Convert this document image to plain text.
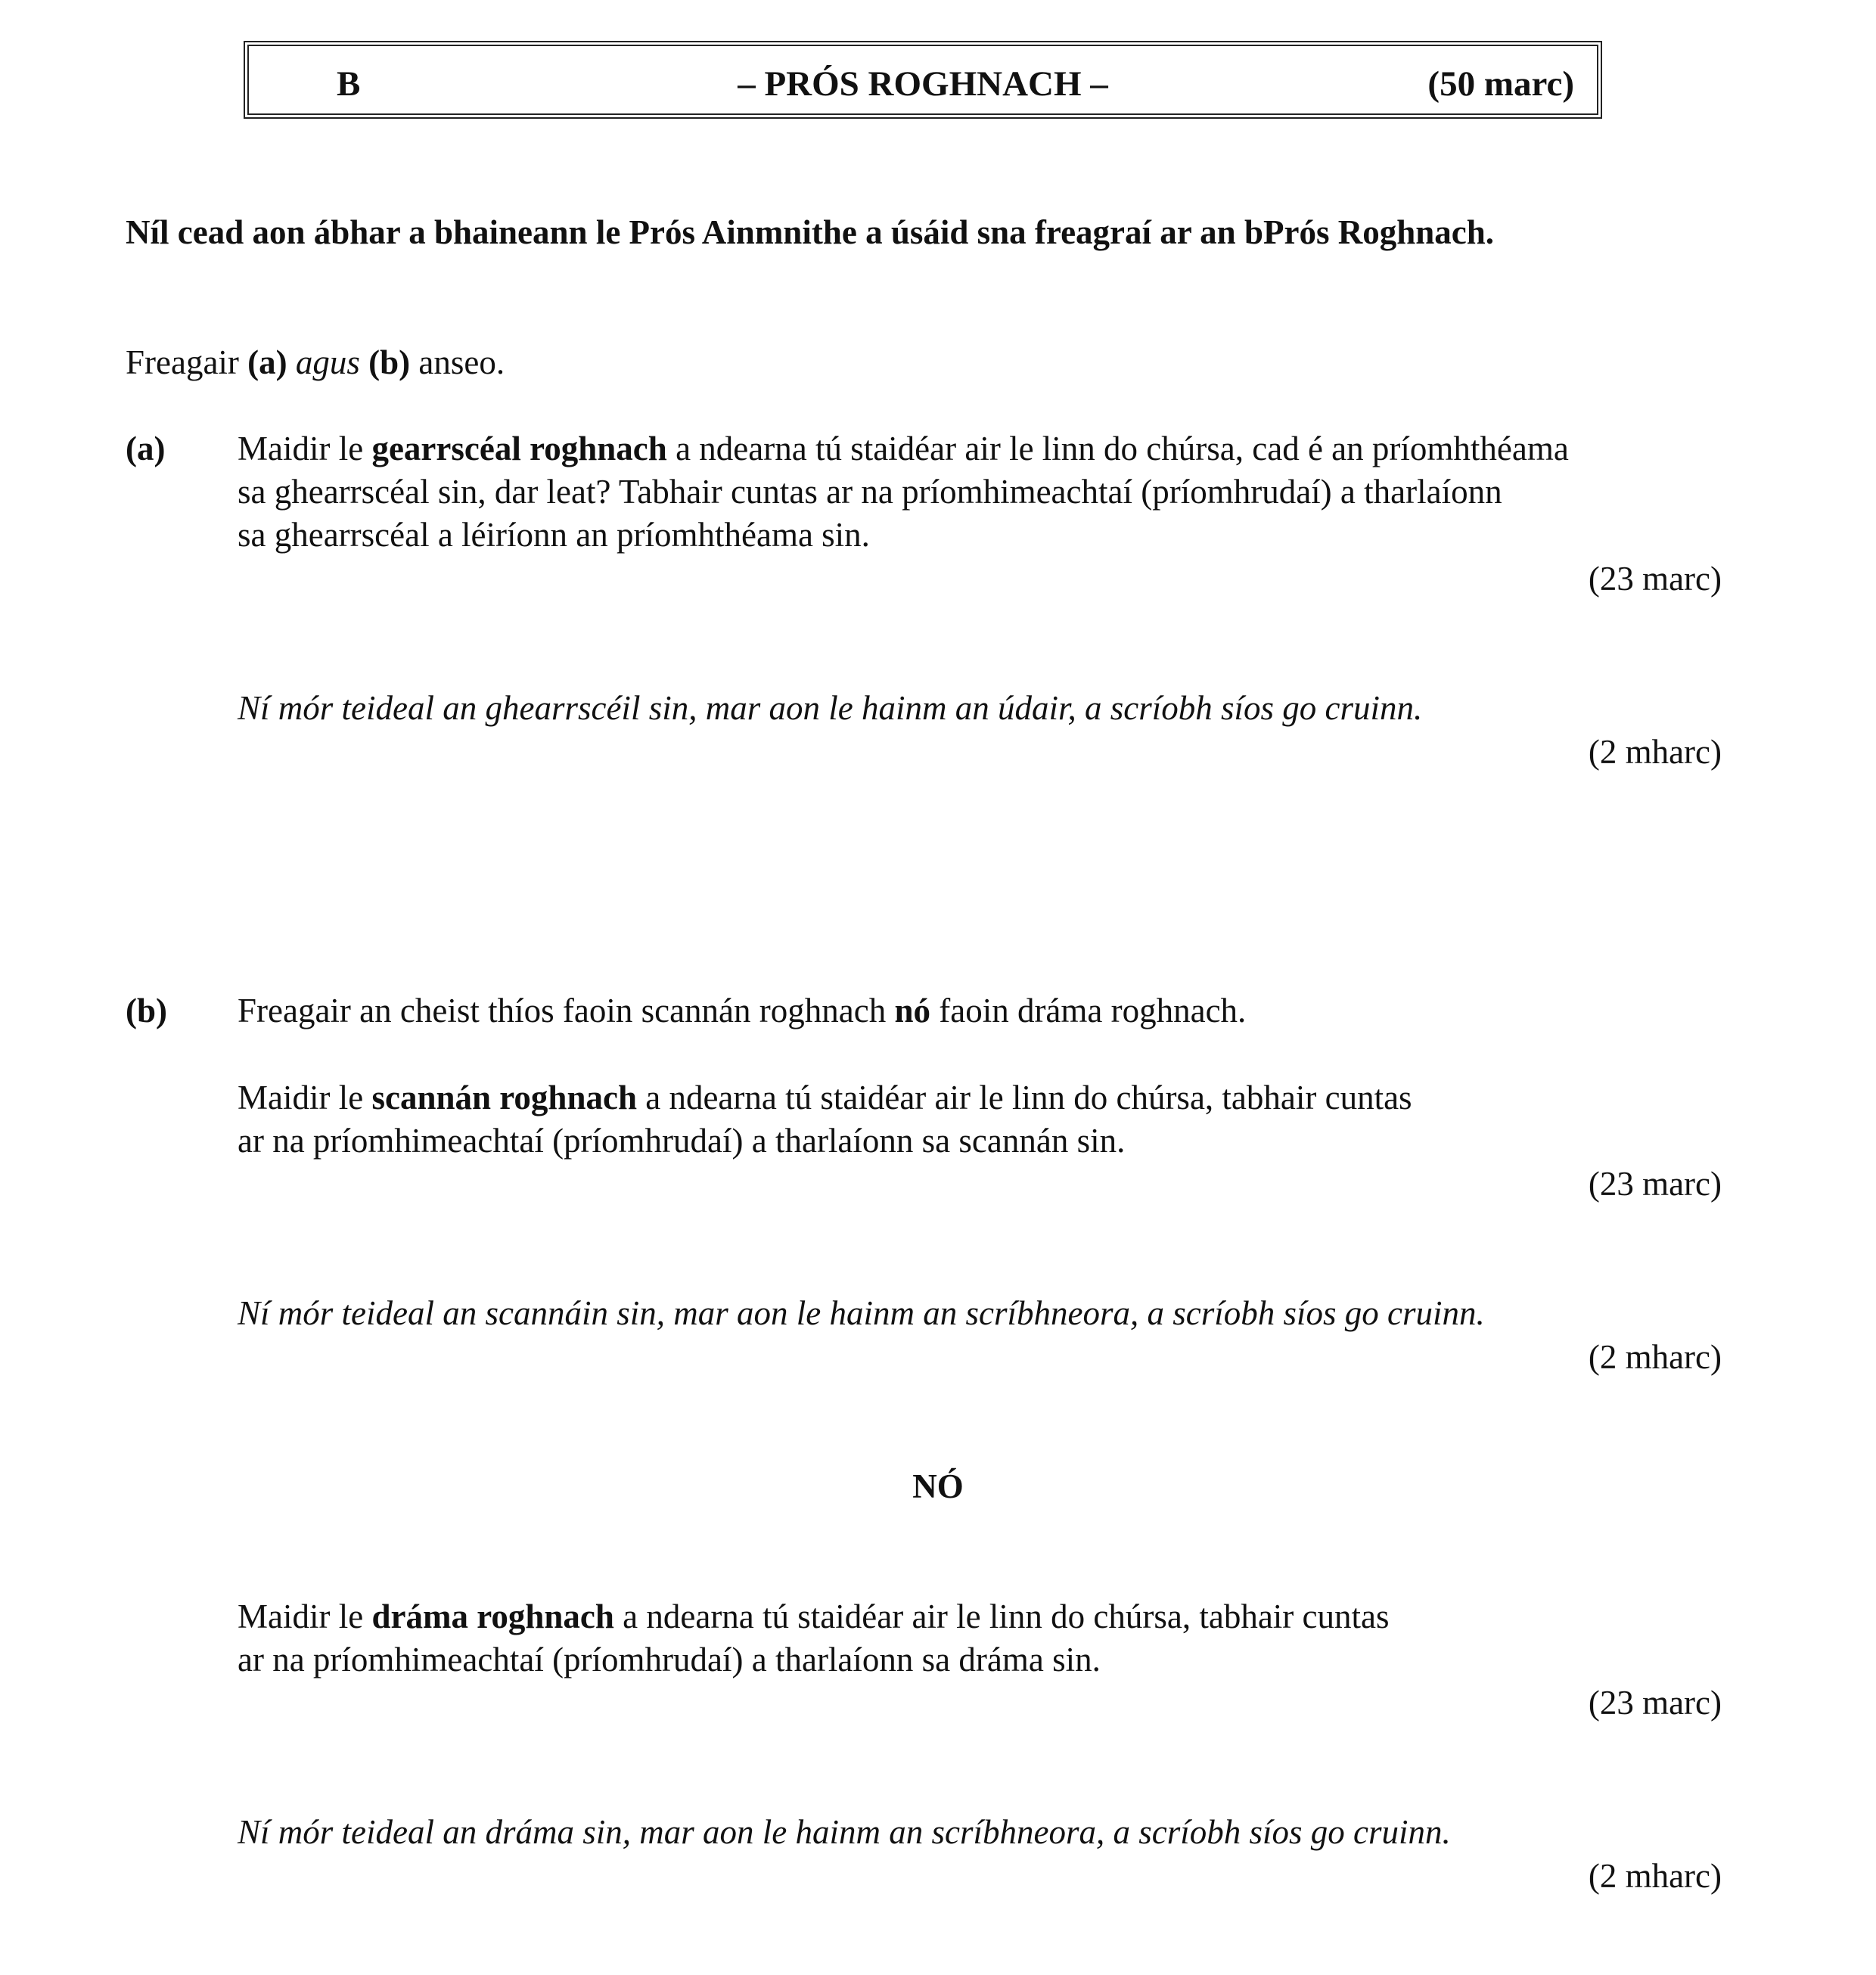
B	– PRÓS ROGHNACH –	(50 marc)

Níl cead aon ábhar a bhaineann le Prós Ainmnithe a úsáid sna freagraí ar an bPrós Roghnach.

Freagair (a) agus (b) anseo.

(a) Maidir le gearrscéal roghnach a ndearna tú staidéar air le linn do chúrsa, cad é an príomhthéama

sa ghearrscéal sin, dar leat? Tabhair cuntas ar na príomhimeachtaí (príomhrudaí) a tharlaíonn

sa ghearrscéal a léiríonn an príomhthéama sin.

(23 marc)

Ní mór teideal an ghearrscéil sin, mar aon le hainm an údair, a scríobh síos go cruinn.

(2 mharc)

(b) Freagair an cheist thíos faoin scannán roghnach nó faoin dráma roghnach.

Maidir le scannán roghnach a ndearna tú staidéar air le linn do chúrsa, tabhair cuntas

ar na príomhimeachtaí (príomhrudaí) a tharlaíonn sa scannán sin.

(23 marc)

Ní mór teideal an scannáin sin, mar aon le hainm an scríbhneora, a scríobh síos go cruinn.

(2 mharc)

NÓ

Maidir le dráma roghnach a ndearna tú staidéar air le linn do chúrsa, tabhair cuntas

ar na príomhimeachtaí (príomhrudaí) a tharlaíonn sa dráma sin.

(23 marc)

Ní mór teideal an dráma sin, mar aon le hainm an scríbhneora, a scríobh síos go cruinn.

(2 mharc)
